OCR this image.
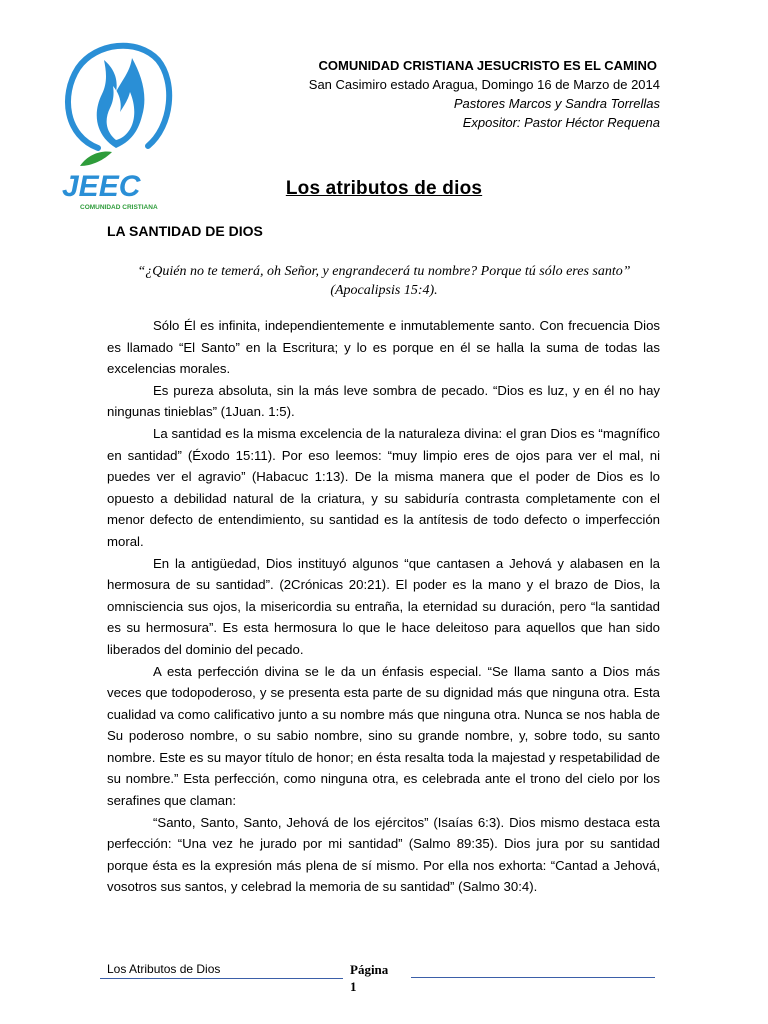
JEEC
COMUNIDAD CRISTIANA
COMUNIDAD CRISTIANA JESUCRISTO ES EL CAMINO
San Casimiro estado Aragua, Domingo 16 de Marzo de 2014
Pastores Marcos y Sandra Torrellas
Expositor: Pastor Héctor Requena
Los atributos de dios
LA SANTIDAD DE DIOS
“¿Quién no te temerá, oh Señor, y engrandecerá tu nombre? Porque tú sólo eres santo”
(Apocalipsis 15:4).

Sólo Él es infinita, independientemente e inmutablemente santo. Con frecuencia Dios es llamado “El Santo” en la Escritura; y lo es porque en él se halla la suma de todas las excelencias morales.

Es pureza absoluta, sin la más leve sombra de pecado. “Dios es luz, y en él no hay ningunas tinieblas” (1Juan. 1:5).

La santidad es la misma excelencia de la naturaleza divina: el gran Dios es “magnífico en santidad” (Éxodo 15:11). Por eso leemos: “muy limpio eres de ojos para ver el mal, ni puedes ver el agravio” (Habacuc 1:13). De la misma manera que el poder de Dios es lo opuesto a debilidad natural de la criatura, y su sabiduría contrasta completamente con el menor defecto de entendimiento, su santidad es la antítesis de todo defecto o imperfección moral.

En la antigüedad, Dios instituyó algunos “que cantasen a Jehová y alabasen en la hermosura de su santidad”. (2Crónicas 20:21). El poder es la mano y el brazo de Dios, la omnisciencia sus ojos, la misericordia su entraña, la eternidad su duración, pero “la santidad es su hermosura”. Es esta hermosura lo que le hace deleitoso para aquellos que han sido liberados del dominio del pecado.

A esta perfección divina se le da un énfasis especial. “Se llama santo a Dios más veces que todopoderoso, y se presenta esta parte de su dignidad más que ninguna otra. Esta cualidad va como calificativo junto a su nombre más que ninguna otra. Nunca se nos habla de Su poderoso nombre, o su sabio nombre, sino su grande nombre, y, sobre todo, su santo nombre. Este es su mayor título de honor; en ésta resalta toda la majestad y respetabilidad de su nombre.” Esta perfección, como ninguna otra, es celebrada ante el trono del cielo por los serafines que claman:

“Santo, Santo, Santo, Jehová de los ejércitos” (Isaías 6:3). Dios mismo destaca esta perfección: “Una vez he jurado por mi santidad” (Salmo 89:35). Dios jura por su santidad porque ésta es la expresión más plena de sí mismo. Por ella nos exhorta: “Cantad a Jehová, vosotros sus santos, y celebrad la memoria de su santidad” (Salmo 30:4).

Los Atributos de Dios	Página
1
